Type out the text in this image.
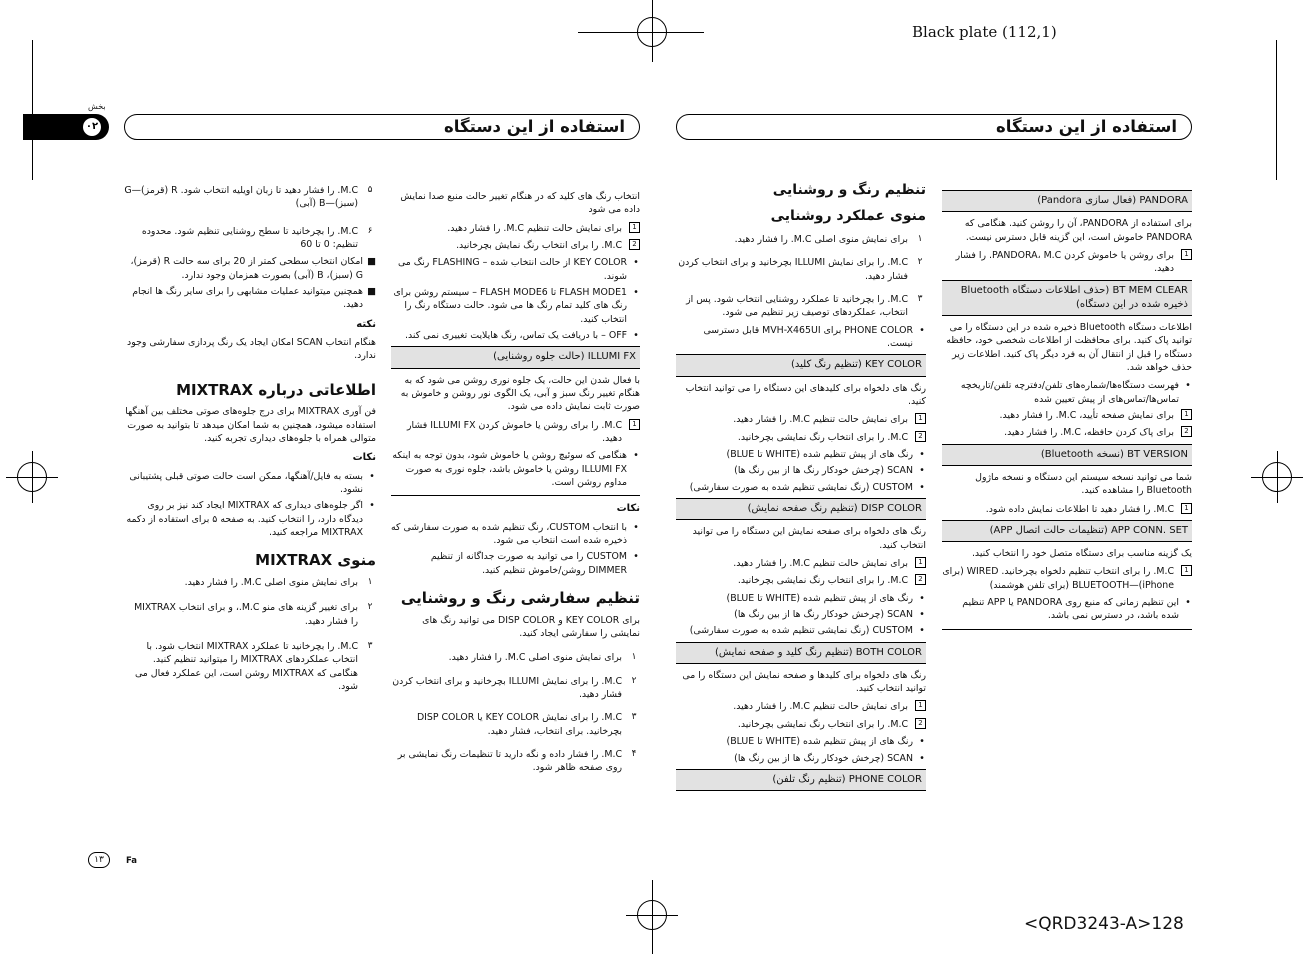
Black plate (112,1)
<QRD3243-A>128
بخش
۰۲	استفاده از این دستگاه	استفاده از این دستگاه
۵
M.C. را فشار دهید تا زبان اویلیه انتخاب شود. R (قرمز)—G (سبز)—B (آبی)
۶
M.C. را بچرخانید تا سطح روشنایی تنظیم شود. محدوده تنظیم: 0 تا 60
■
امکان انتخاب سطحی کمتر از 20 برای سه حالت R (قرمز)، G (سبز)، B (آبی) بصورت همزمان وجود ندارد.
■
همچنین میتوانید عملیات مشابهی را برای سایر رنگ ها انجام دهید.
نکته

هنگام انتخاب SCAN امکان ایجاد یک رنگ پردازی سفارشی وجود ندارد.

اطلاعاتی درباره MIXTRAX

فن آوری MIXTRAX برای درج جلوه‌های صوتی مختلف بین آهنگها استفاده میشود، همچنین به شما امکان میدهد تا بتوانید به صورت متوالی همراه با جلوه‌های دیداری تجربه کنید.

نکات
•
بسته به فایل/آهنگها، ممکن است حالت صوتی قبلی پشتیبانی نشود.
•
اگر جلوه‌های دیداری که MIXTRAX ایجاد کند نیز بر روی دیدگاه دارد، را انتخاب کنید. به صفحه ۵ برای استفاده از دکمه MIXTRAX مراجعه کنید.
منوی MIXTRAX
۱
برای نمایش منوی اصلی M.C. را فشار دهید.
۲
برای تغییر گزینه های منو M.C.، و برای انتخاب MIXTRAX را فشار دهید.
۳
M.C. را بچرخانید تا عملکرد MIXTRAX انتخاب شود. با انتخاب عملکردهای MIXTRAX را میتوانید تنظیم کنید. هنگامی که MIXTRAX روشن است، این عملکرد فعال می شود.

انتخاب رنگ های کلید که در هنگام تغییر حالت منبع صدا نمایش داده می شود

1
برای نمایش حالت تنظیم M.C. را فشار دهید.
2
M.C. را برای انتخاب رنگ نمایش بچرخانید.
•
KEY COLOR از حالت انتخاب شده – FLASHING رنگ می شوند.
•
FLASH MODE1 تا FLASH MODE6 – سیستم روشن برای رنگ های کلید تمام رنگ ها می شود. حالت دستگاه رنگ را انتخاب کنید.
•
OFF – با دریافت یک تماس، رنگ هایلایت تغییری نمی کند.
ILLUMI FX (حالت جلوه روشنایی)

با فعال شدن این حالت، یک جلوه نوری روشن می شود که به هنگام تغییر رنگ سبز و آبی، یک الگوی نور روشن و خاموش به صورت ثابت نمایش داده می شود.

1
M.C. را برای روشن یا خاموش کردن ILLUMI FX فشار دهید.
•
هنگامی که سوئیچ روشن یا خاموش شود، بدون توجه به اینکه ILLUMI FX روشن یا خاموش باشد، جلوه نوری به صورت مداوم روشن است.
نکات
•
با انتخاب CUSTOM، رنگ تنظیم شده به صورت سفارشی که ذخیره شده است انتخاب می شود.
•
CUSTOM را می توانید به صورت جداگانه از تنظیم DIMMER روشن/خاموش تنظیم کنید.
تنظیم سفارشی رنگ و روشنایی

برای KEY COLOR و DISP COLOR می توانید رنگ های نمایشی را سفارشی ایجاد کنید.

۱
برای نمایش منوی اصلی M.C. را فشار دهید.
۲
M.C. را برای نمایش ILLUMI بچرخانید و برای انتخاب کردن فشار دهید.
۳
M.C. را برای نمایش KEY COLOR یا DISP COLOR بچرخانید. برای انتخاب، فشار دهید.
۴
M.C. را فشار داده و نگه دارید تا تنظیمات رنگ نمایشی بر روی صفحه ظاهر شود.
تنظیم رنگ و روشنایی
منوی عملکرد روشنایی
۱
برای نمایش منوی اصلی M.C. را فشار دهید.
۲
M.C. را برای نمایش ILLUMI بچرخانید و برای انتخاب کردن فشار دهید.
۳
M.C. را بچرخانید تا عملکرد روشنایی انتخاب شود. پس از انتخاب، عملکردهای توصیف زیر تنظیم می شود.
•
PHONE COLOR برای MVH-X465UI قابل دسترسی نیست.
KEY COLOR (تنظیم رنگ کلید)

رنگ های دلخواه برای کلیدهای این دستگاه را می توانید انتخاب کنید.

1
برای نمایش حالت تنظیم M.C. را فشار دهید.
2
M.C. را برای انتخاب رنگ نمایشی بچرخانید.
•
رنگ های از پیش تنظیم شده (WHITE تا BLUE)
•
SCAN (چرخش خودکار رنگ ها از بین رنگ ها)
•
CUSTOM (رنگ نمایشی تنظیم شده به صورت سفارشی)
DISP COLOR (تنظیم رنگ صفحه نمایش)

رنگ های دلخواه برای صفحه نمایش این دستگاه را می توانید انتخاب کنید.

1
برای نمایش حالت تنظیم M.C. را فشار دهید.
2
M.C. را برای انتخاب رنگ نمایشی بچرخانید.
•
رنگ های از پیش تنظیم شده (WHITE تا BLUE)
•
SCAN (چرخش خودکار رنگ ها از بین رنگ ها)
•
CUSTOM (رنگ نمایشی تنظیم شده به صورت سفارشی)
BOTH COLOR (تنظیم رنگ کلید و صفحه نمایش)

رنگ های دلخواه برای کلیدها و صفحه نمایش این دستگاه را می توانید انتخاب کنید.

1
برای نمایش حالت تنظیم M.C. را فشار دهید.
2
M.C. را برای انتخاب رنگ نمایشی بچرخانید.
•
رنگ های از پیش تنظیم شده (WHITE تا BLUE)
•
SCAN (چرخش خودکار رنگ ها از بین رنگ ها)
PHONE COLOR (تنظیم رنگ تلفن)
PANDORA (فعال سازی Pandora)

برای استفاده از PANDORA، آن را روشن کنید. هنگامی که PANDORA خاموش است، این گزینه قابل دسترس نیست.

1
برای روشن یا خاموش کردن PANDORA، M.C. را فشار دهید.
BT MEM CLEAR (حذف اطلاعات دستگاه Bluetooth ذخیره شده در این دستگاه)

اطلاعات دستگاه Bluetooth ذخیره شده در این دستگاه را می توانید پاک کنید. برای محافظت از اطلاعات شخصی خود، حافظه دستگاه را قبل از انتقال آن به فرد دیگر پاک کنید. اطلاعات زیر حذف خواهد شد.

•
فهرست دستگاه‌ها/شماره‌های تلفن/دفترچه تلفن/تاریخچه تماس‌ها/تماس‌های از پیش تعیین شده
1
برای نمایش صفحه تأیید، M.C. را فشار دهید.
2
برای پاک کردن حافظه، M.C. را فشار دهید.
BT VERSION (نسخه Bluetooth)

شما می توانید نسخه سیستم این دستگاه و نسخه ماژول Bluetooth را مشاهده کنید.

1
M.C. را فشار دهید تا اطلاعات نمایش داده شود.
APP CONN. SET (تنظیمات حالت اتصال APP)

یک گزینه مناسب برای دستگاه متصل خود را انتخاب کنید.

1
M.C. را برای انتخاب تنظیم دلخواه بچرخانید. WIRED (برای iPhone)—BLUETOOTH (برای تلفن هوشمند)
•
این تنظیم زمانی که منبع روی PANDORA یا APP تنظیم شده باشد، در دسترس نمی باشد.
۱۳	Fa
